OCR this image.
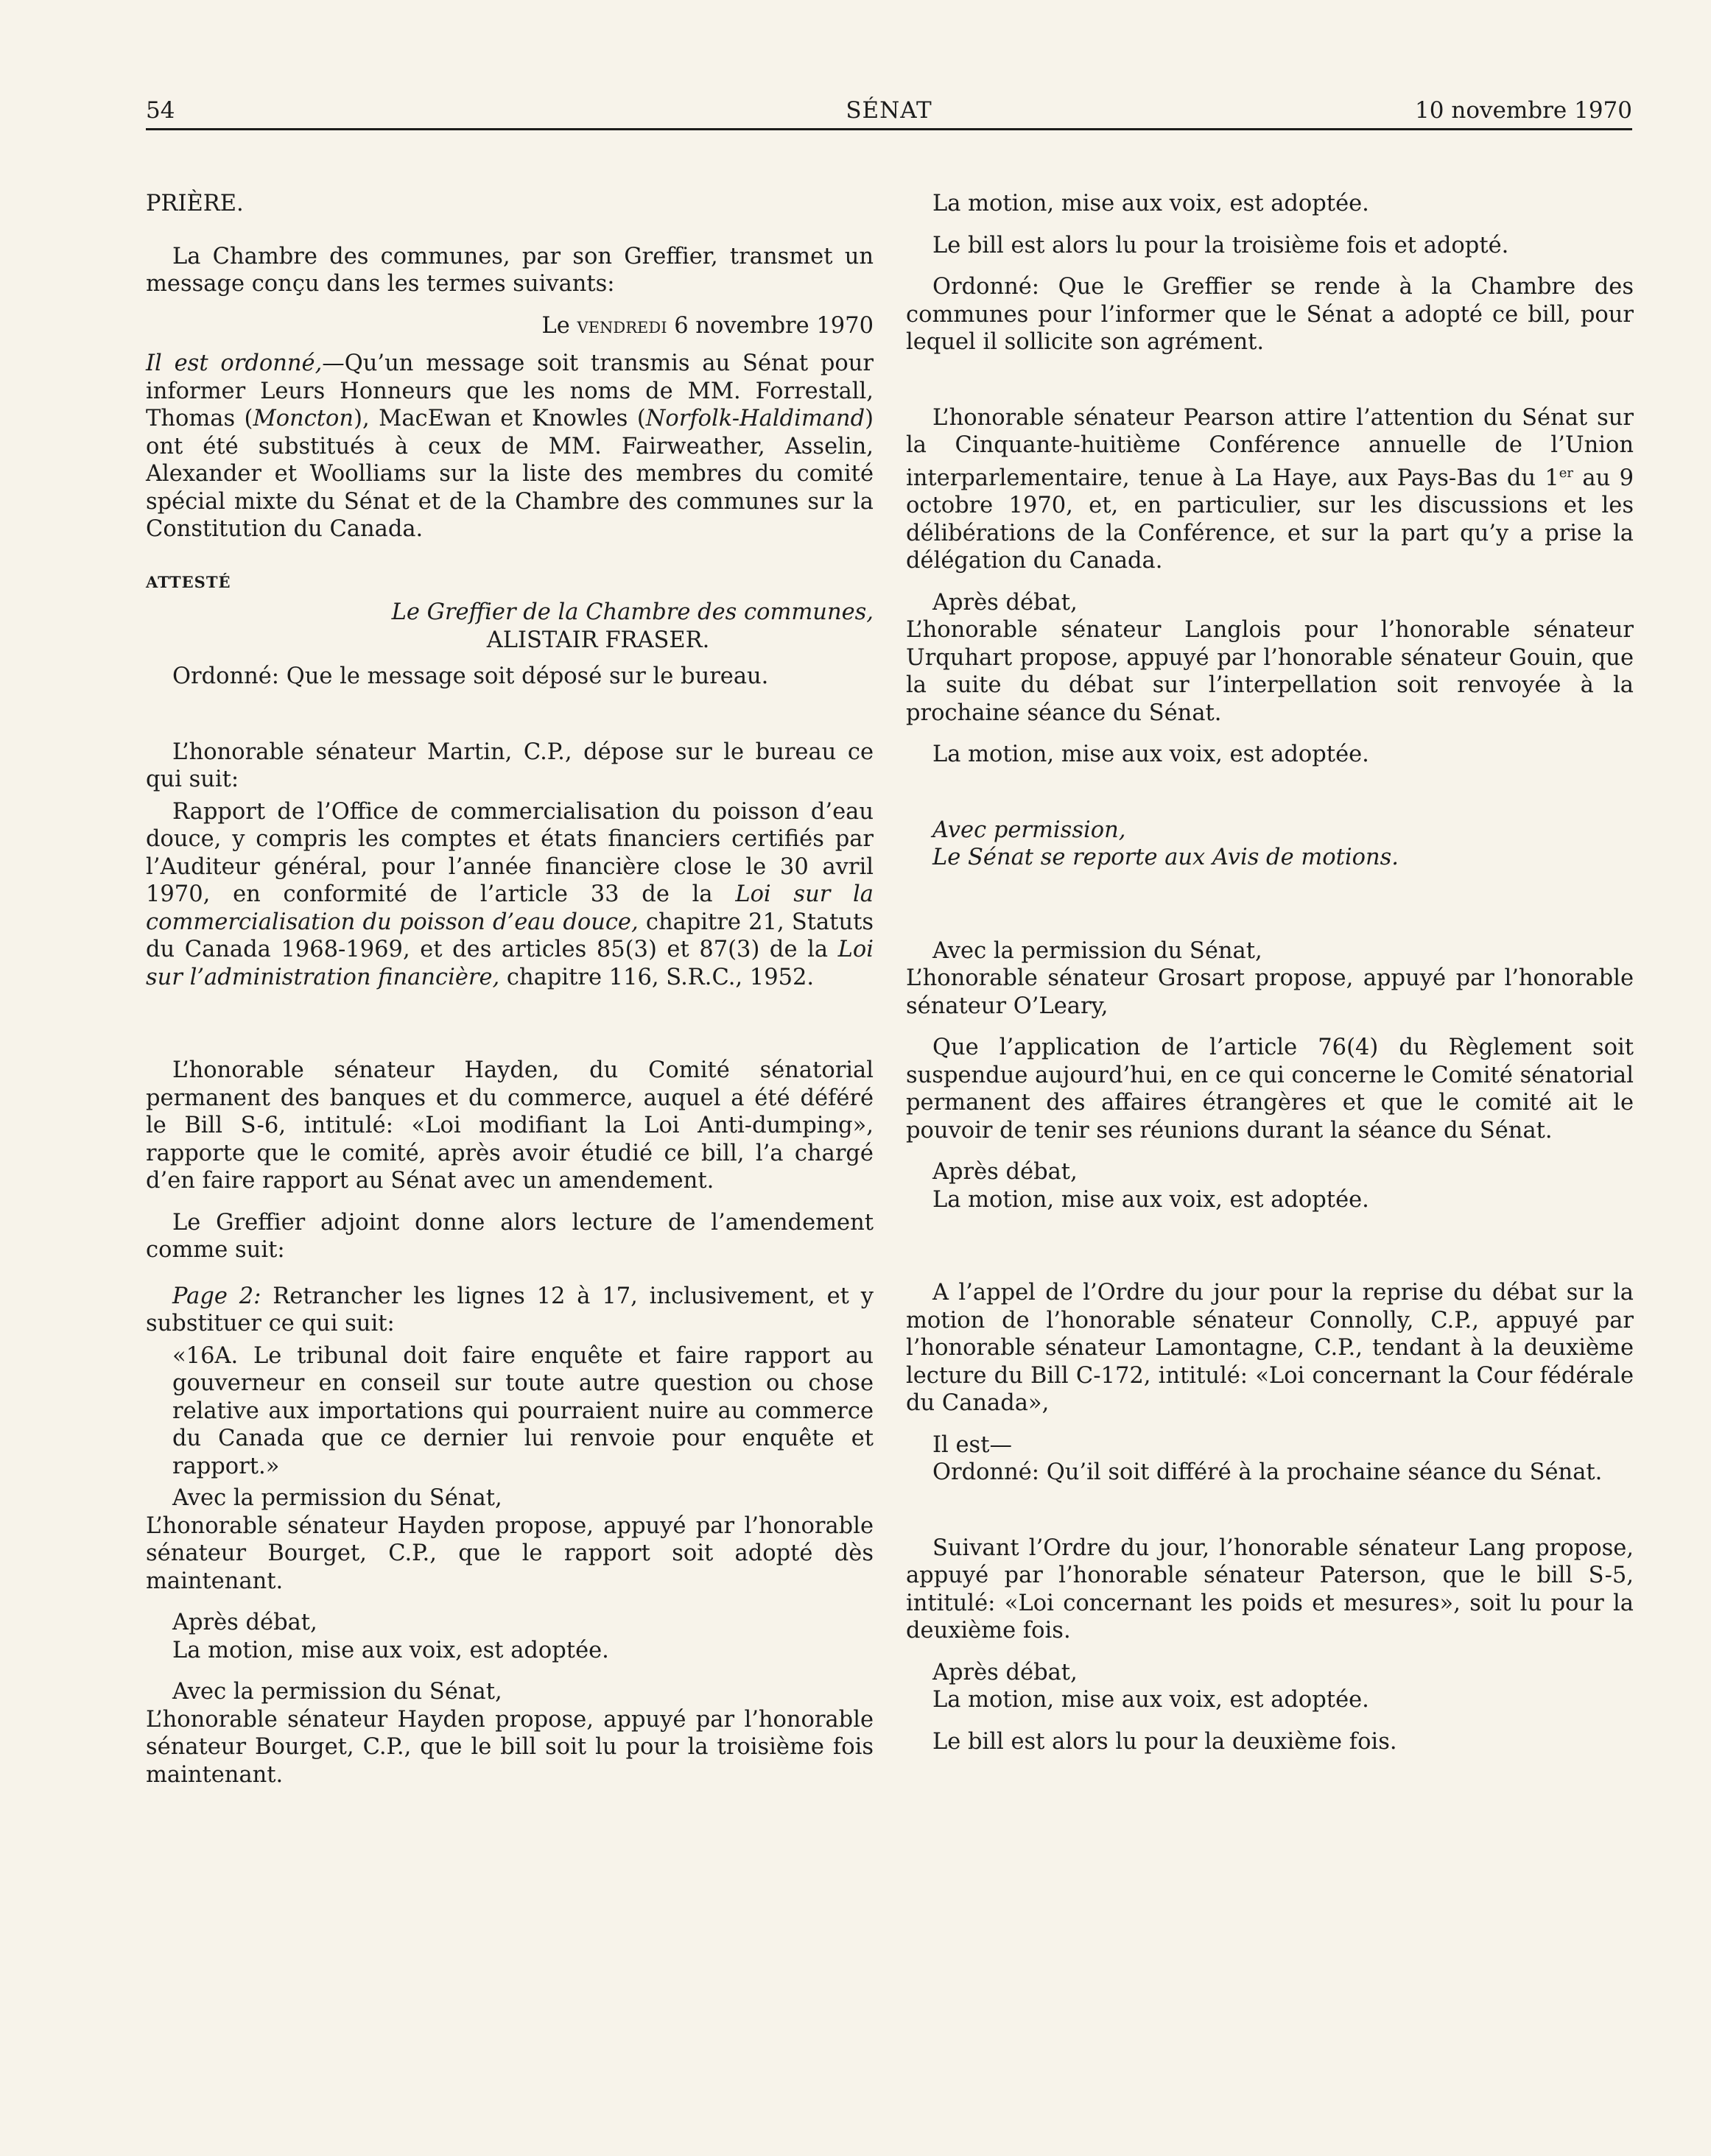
54	SÉNAT	10 novembre 1970

PRIÈRE.

La Chambre des communes, par son Greffier, transmet un message conçu dans les termes suivants:

Le vendredi 6 novembre 1970

Il est ordonné,—Qu’un message soit transmis au Sénat pour informer Leurs Honneurs que les noms de MM. Forrestall, Thomas (Moncton), MacEwan et Knowles (Norfolk-Haldimand) ont été substitués à ceux de MM. Fairweather, Asselin, Alexander et Woolliams sur la liste des membres du comité spécial mixte du Sénat et de la Chambre des communes sur la Constitution du Canada.

ATTESTÉ

Le Greffier de la Chambre des communes,

ALISTAIR FRASER.

Ordonné: Que le message soit déposé sur le bureau.

L’honorable sénateur Martin, C.P., dépose sur le bureau ce qui suit:

Rapport de l’Office de commercialisation du poisson d’eau douce, y compris les comptes et états financiers certifiés par l’Auditeur général, pour l’année financière close le 30 avril 1970, en conformité de l’article 33 de la Loi sur la commercialisation du poisson d’eau douce, chapitre 21, Statuts du Canada 1968-1969, et des articles 85(3) et 87(3) de la Loi sur l’administration financière, chapitre 116, S.R.C., 1952.

L’honorable sénateur Hayden, du Comité sénatorial permanent des banques et du commerce, auquel a été déféré le Bill S-6, intitulé: «Loi modifiant la Loi Anti-dumping», rapporte que le comité, après avoir étudié ce bill, l’a chargé d’en faire rapport au Sénat avec un amendement.

Le Greffier adjoint donne alors lecture de l’amendement comme suit:

Page 2: Retrancher les lignes 12 à 17, inclusivement, et y substituer ce qui suit:

«16A. Le tribunal doit faire enquête et faire rapport au gouverneur en conseil sur toute autre question ou chose relative aux importations qui pourraient nuire au commerce du Canada que ce dernier lui renvoie pour enquête et rapport.»

Avec la permission du Sénat,

L’honorable sénateur Hayden propose, appuyé par l’honorable sénateur Bourget, C.P., que le rapport soit adopté dès maintenant.

Après débat,

La motion, mise aux voix, est adoptée.

Avec la permission du Sénat,

L’honorable sénateur Hayden propose, appuyé par l’honorable sénateur Bourget, C.P., que le bill soit lu pour la troisième fois maintenant.

La motion, mise aux voix, est adoptée.

Le bill est alors lu pour la troisième fois et adopté.

Ordonné: Que le Greffier se rende à la Chambre des communes pour l’informer que le Sénat a adopté ce bill, pour lequel il sollicite son agrément.

L’honorable sénateur Pearson attire l’attention du Sénat sur la Cinquante-huitième Conférence annuelle de l’Union interparlementaire, tenue à La Haye, aux Pays-Bas du 1er au 9 octobre 1970, et, en particulier, sur les discussions et les délibérations de la Conférence, et sur la part qu’y a prise la délégation du Canada.

Après débat,

L’honorable sénateur Langlois pour l’honorable sénateur Urquhart propose, appuyé par l’honorable sénateur Gouin, que la suite du débat sur l’interpellation soit renvoyée à la prochaine séance du Sénat.

La motion, mise aux voix, est adoptée.

Avec permission,

Le Sénat se reporte aux Avis de motions.

Avec la permission du Sénat,

L’honorable sénateur Grosart propose, appuyé par l’honorable sénateur O’Leary,

Que l’application de l’article 76(4) du Règlement soit suspendue aujourd’hui, en ce qui concerne le Comité sénatorial permanent des affaires étrangères et que le comité ait le pouvoir de tenir ses réunions durant la séance du Sénat.

Après débat,

La motion, mise aux voix, est adoptée.

A l’appel de l’Ordre du jour pour la reprise du débat sur la motion de l’honorable sénateur Connolly, C.P., appuyé par l’honorable sénateur Lamontagne, C.P., tendant à la deuxième lecture du Bill C-172, intitulé: «Loi concernant la Cour fédérale du Canada»,

Il est—

Ordonné: Qu’il soit différé à la prochaine séance du Sénat.

Suivant l’Ordre du jour, l’honorable sénateur Lang propose, appuyé par l’honorable sénateur Paterson, que le bill S-5, intitulé: «Loi concernant les poids et mesures», soit lu pour la deuxième fois.

Après débat,

La motion, mise aux voix, est adoptée.

Le bill est alors lu pour la deuxième fois.
